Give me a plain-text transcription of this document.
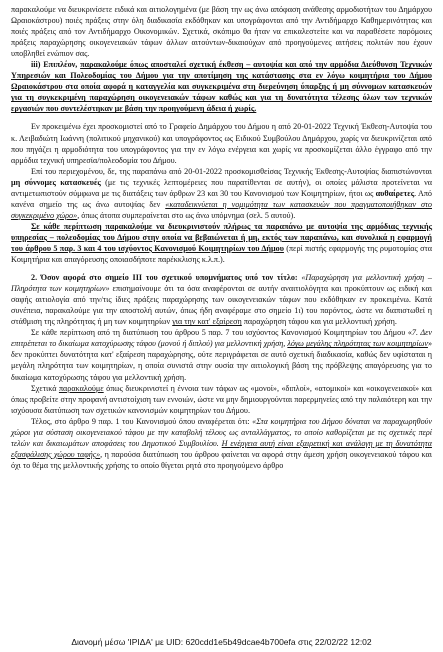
παρακαλούμε να διευκρινίσετε ειδικά και αιτιολογημένα (με βάση την ως άνω απόφαση ανάθεσης αρμοδιοτήτων του Δημάρχου Ωραιοκάστρου) ποιές πράξεις στην όλη διαδικασία εκδόθηκαν και υπογράφονται από την Αντιδήμαρχο Καθημερινότητας και ποιές πράξεις από τον Αντιδήμαρχο Οικονομικών. Σχετικά, σκόπιμο θα ήταν να επικαλεστείτε και να παραθέσετε παρόμοιες πράξεις παραχώρησης οικογενειακών τάφων άλλων αιτούντων-δικαιούχων από προηγούμενες αιτήσεις πολιτών που έχουν υποβληθεί ενώπιον σας.

iii) Επιπλέον, παρακαλούμε όπως αποσταλεί σχετική έκθεση – αυτοψία και από την αρμόδια Διεύθυνση Τεχνικών Υπηρεσιών και Πολεοδομίας του Δήμου για την αποτίμηση της κατάστασης στα εν λόγω κοιμητήρια του Δήμου Ωραιοκάστρου στα οποία αφορά η καταγγελία και συγκεκριμένα στη διερεύνηση ύπαρξης ή μη σύννομων κατασκευών για τη συγκεκριμένη παραχώρηση οικογενειακών τάφων καθώς και για τη δυνατότητα τέλεσης όλων των τεχνικών εργασιών που συντελέστηκαν με βάση την προηγούμενη άδεια ή χωρίς.

Εν προκειμένω έχει προσκομιστεί από το Γραφείο Δημάρχου του Δήμου η από 20-01-2022 Τεχνική Έκθεση-Αυτοψία του κ. Λειβαδιώτη Ιωάννη (πολιτικού μηχανικού) και υπογράφοντος ως Ειδικού Συμβούλου Δημάρχου, χωρίς να διευκρινίζεται από που πηγάζει η αρμοδιότητα του υπογράφοντος για την εν λόγω ενέργεια και χωρίς να προσκομίζεται άλλο έγγραφο από την αρμόδια τεχνική υπηρεσία/πολεοδομία του Δήμου.

Επί του περιεχομένου, δε, της παραπάνω από 20-01-2022 προσκομισθείσας Τεχνικής Έκθεσης-Αυτοψίας διαπιστώνονται μη σύννομες κατασκευές (με τις τεχνικές λεπτομέρειες που παρατίθενται σε αυτήν), οι οποίες μάλιστα προτείνεται να αντιμετωπιστούν σύμφωνα με τις διατάξεις των άρθρων 23 και 30 του Κανονισμού των Κοιμητηρίων, ήτοι ως αυθαίρετες. Από κανένα σημείο της ως άνω αυτοψίας δεν «καταδεικνύεται η νομιμότητα των κατασκευών που πραγματοποιήθηκαν στο συγκεκριμένο χώρο», όπως άτοπα συμπεραίνεται στο ως άνω υπόμνημα (σελ. 5 αυτού).

Σε κάθε περίπτωση παρακαλούμε να διευκρινιστούν πλήρως τα παραπάνω με αυτοψία της αρμόδιας τεχνικής υπηρεσίας – πολεοδομίας του Δήμου στην οποία να βεβαιώνεται ή μη, εκτός των παραπάνω, και συνολικά η εφαρμογή του άρθρου 5 παρ. 3 και 4 του ισχύοντος Κανονισμού Κοιμητηρίων του Δήμου (περί πιστής εφαρμογής της ρυμοτομίας στα Κοιμητήρια και απαγόρευσης οποιασδήποτε παρέκκλισης κ.λ.π.).

2. Όσον αφορά στο σημείο ΙΙΙ του σχετικού υπομνήματος υπό τον τίτλο: «Παραχώρηση για μελλοντική χρήση – Πληρότητα των κοιμητηρίων» επισημαίνουμε ότι τα όσα αναφέρονται σε αυτήν αναιτιολόγητα και προκύπτουν ως ειδική και σαφής αιτιολογία από την/τις ίδιες πράξεις παραχώρησης των οικογενειακών τάφων που εκδόθηκαν εν προκειμένω. Κατά συνέπεια, παρακαλούμε για την αποστολή αυτών, όπως ήδη αναφέραμε στο σημείο 1ι) του παρόντος, ώστε να διαπιστωθεί η στάθμιση της πληρότητας ή μη των κοιμητηρίων για την κατ' εξαίρεση παραχώρηση τάφου και για μελλοντική χρήση.

Σε κάθε περίπτωση από τη διατύπωση του άρθρου 5 παρ. 7 του ισχύοντος Κανονισμού Κοιμητηρίων του Δήμου «7. Δεν επιτρέπεται το δικαίωμα κατοχύρωσης τάφου (μονού ή διπλού) για μελλοντική χρήση, λόγω μεγάλης πληρότητας των κοιμητηρίων» δεν προκύπτει δυνατότητα κατ' εξαίρεση παραχώρησης, ούτε περιγράφεται σε αυτό σχετική διαδικασία, καθώς δεν υφίσταται η μεγάλη πληρότητα των κοιμητηρίων, η οποία συνιστά στην ουσία την αιτιολογική βάση της πρόβλεψης απαγόρευσης για το δικαίωμα κατοχύρωσης τάφου για μελλοντική χρήση.

Σχετικά παρακαλούμε όπως διευκρινιστεί η έννοια των τάφων ως «μονοί», «διπλοί», «ατομικοί» και «οικογενειακοί» και όπως προβείτε στην προφανή αντιστοίχιση των εννοιών, ώστε να μην δημιουργούνται παρερμηνείες από την παλαιότερη και την ισχύουσα διατύπωση των σχετικών κανονισμών κοιμητηρίων του Δήμου.

Τέλος, στο άρθρο 9 παρ. 1 του Κανονισμού όπου αναφέρεται ότι: «Στα κοιμητήρια του Δήμου δύναται να παραχωρηθούν χώροι για σύσταση οικογενειακού τάφου με την καταβολή τέλους ως ανταλλάγματος, το οποίο καθορίζεται με τις σχετικές περί τελών και δικαιωμάτων αποφάσεις του Δημοτικού Συμβουλίου. Η ενέργεια αυτή είναι εξαιρετική και ανάλογη με τη δυνατότητα εξασφάλισης χώρου ταφής», η παρούσα διατύπωση του άρθρου φαίνεται να αφορά στην άμεση χρήση οικογενειακού τάφου και όχι το θέμα της μελλοντικής χρήσης το οποίο θίγεται ρητά στο προηγούμενο άρθρο

Διανομή μέσω 'ΙΡΙΔΑ' με UID: 620cdd1e5b49dcae4b700efa στις 22/02/22 12:02
